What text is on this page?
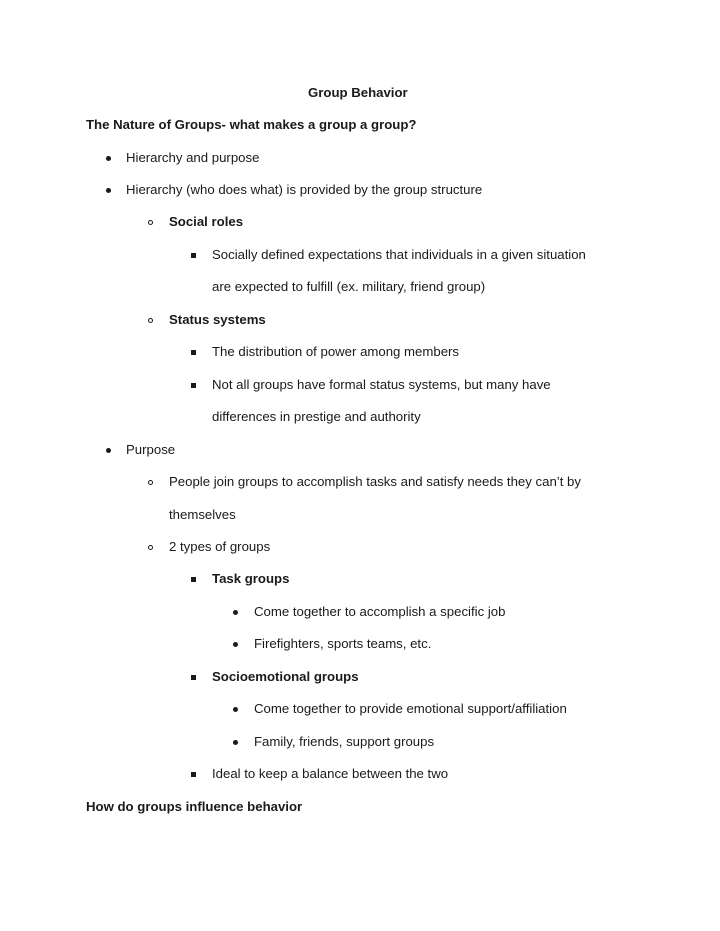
Group Behavior
The Nature of Groups- what makes a group a group?
Hierarchy and purpose
Hierarchy (who does what) is provided by the group structure
Social roles
Socially defined expectations that individuals in a given situation
are expected to fulfill (ex. military, friend group)
Status systems
The distribution of power among members
Not all groups have formal status systems, but many have
differences in prestige and authority
Purpose
People join groups to accomplish tasks and satisfy needs they can’t by
themselves
2 types of groups
Task groups
Come together to accomplish a specific job
Firefighters, sports teams, etc.
Socioemotional groups
Come together to provide emotional support/affiliation
Family, friends, support groups
Ideal to keep a balance between the two
How do groups influence behavior
